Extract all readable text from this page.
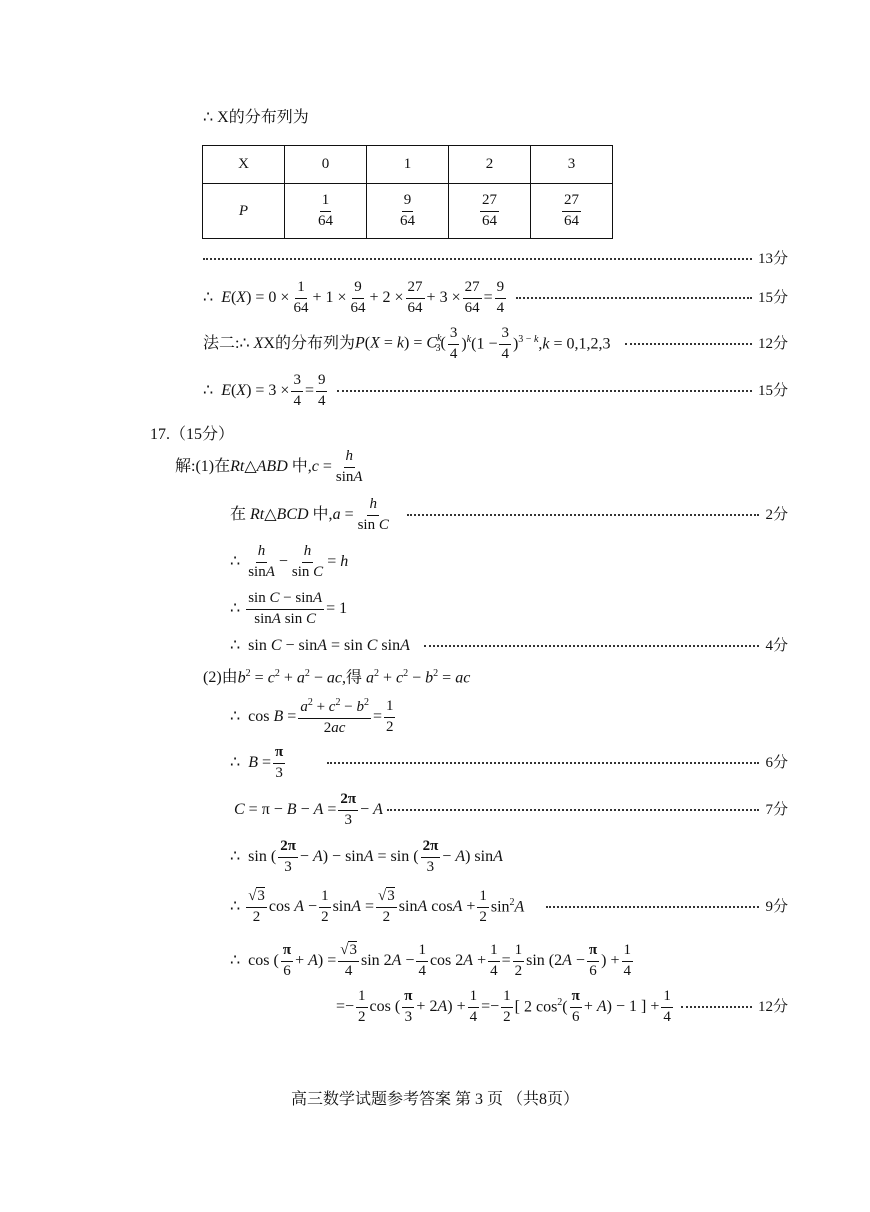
∴ X的分布列为
X	0	1	2	3
P	$\frac{1}{64}$	$\frac{9}{64}$	$\frac{27}{64}$	$\frac{27}{64}$
13分
∴  $E(X) = 0 \times \frac{1}{64} + 1 \times \frac{9}{64} + 2 \times \frac{27}{64} + 3 \times \frac{27}{64} = \frac{9}{4}$	15分
法二: ∴ X X的分布列为 $P(X = k) = C^k_3( \frac{3}{4} )^k(1 - \frac{3}{4} )^{3 - k},k = 0,1,2,3$	12分
∴  $E(X) = 3 \times \frac{3}{4} = \frac{9}{4}$	15分
17.（15分）
解:(1)在 Rt△ABD 中$,c = \frac{h}{\sin A}$
在 Rt△BCD 中$,a = \frac{h}{\text{sin C}}$	2分
∴ $\frac{h}{\sin A} - \frac{h}{\text{sin C}} = h$
∴ $\frac{\text{sin C − sinA}}{\text{sinA sin C}} = 1$
∴  sin C − sinA = sin C sinA	4分
(2)由 $b^2 = c^2 + a^2$ − ac,得 $a^2 + c^2 - b^2$ = ac
∴  $\cos B = \frac{a^2 + c^2 - b^2}{2ac} = \frac{1}{2}$
∴  $B = \frac{\pi}{3}$	6分
$C = \pi - B - A = \frac{2\pi}{3} - A$	7分
∴  sin ( $\frac{2\pi}{3} - A) - \sin A = \sin$ ( $\frac{2\pi}{3} - A$) sinA
∴ $\frac{√3}{2}$ $\cos A - \frac{1}{2}$ $\sin A = \frac{√3}{2}$ sinA $\cos A + \frac{1}{2} \sin^2A$	9分
∴  cos ( $\frac{\pi}{6} + A) = \frac{√3}{4}$ $\sin 2A - \frac{1}{4}$ $\cos 2A + \frac{1}{4} = \frac{1}{2}$ $\sin (2A - \frac{\pi}{6}$ ) + $\frac{1}{4}$
=− $\frac{1}{2}$ cos ( $\frac{\pi}{3} + 2A) + \frac{1}{4} =- \frac{1}{2}$ [ 2 $\cos^2( \frac{\pi}{6} + A) - 1$ ] + $\frac{1}{4}$	12分
高三数学试题参考答案 第 3 页 （共8页）
